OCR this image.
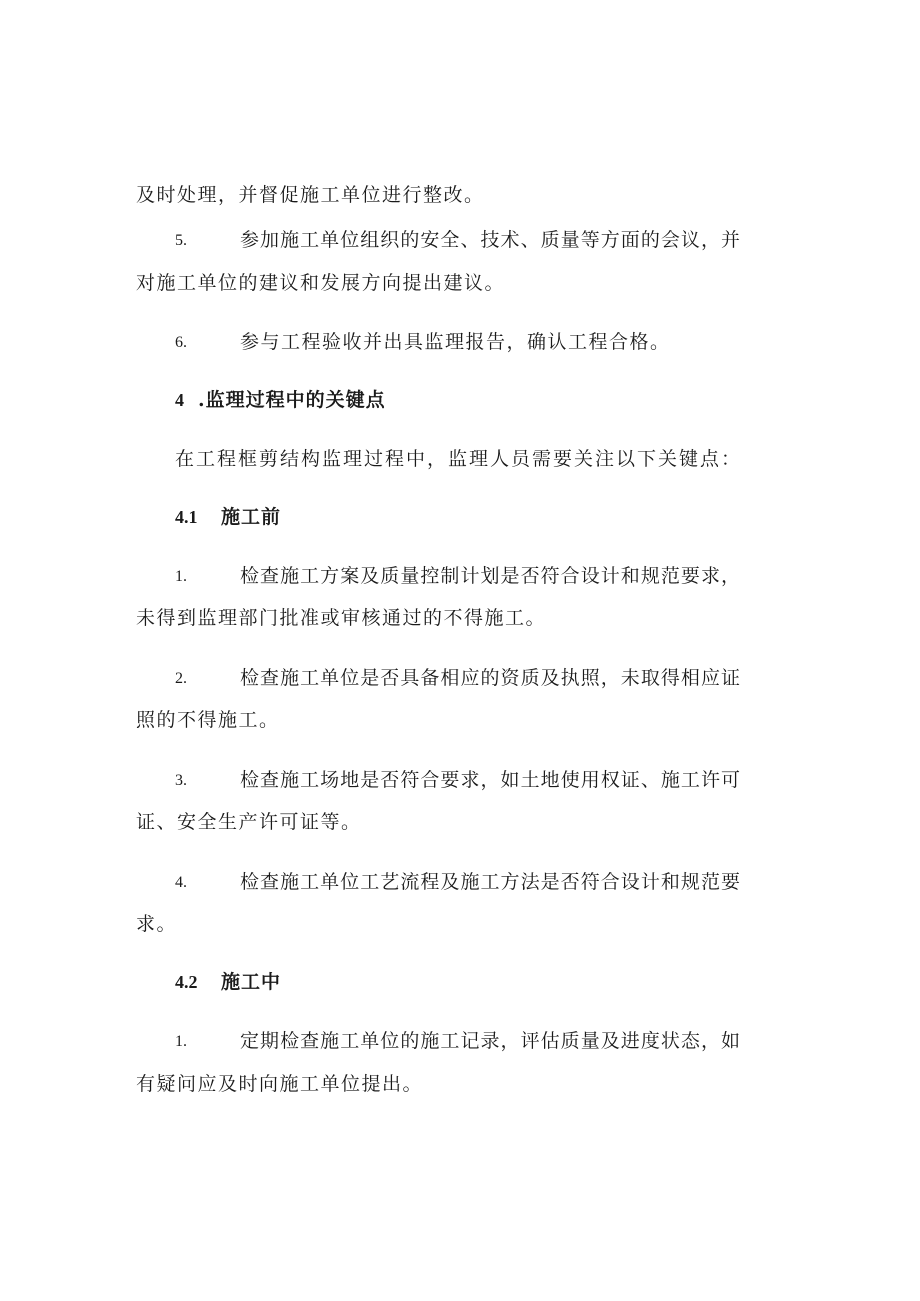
及时处理，并督促施工单位进行整改。
5.	参加施工单位组织的安全、技术、质量等方面的会议，并
对施工单位的建议和发展方向提出建议。
6.	参与工程验收并出具监理报告，确认工程合格。
4 .监理过程中的关键点
在工程框剪结构监理过程中，监理人员需要关注以下关键点：
4.1 施工前
1.	检查施工方案及质量控制计划是否符合设计和规范要求，
未得到监理部门批准或审核通过的不得施工。
2.	检查施工单位是否具备相应的资质及执照，未取得相应证
照的不得施工。
3.	检查施工场地是否符合要求，如土地使用权证、施工许可
证、安全生产许可证等。
4.	检查施工单位工艺流程及施工方法是否符合设计和规范要
求。
4.2 施工中
1.	定期检查施工单位的施工记录，评估质量及进度状态，如
有疑问应及时向施工单位提出。
